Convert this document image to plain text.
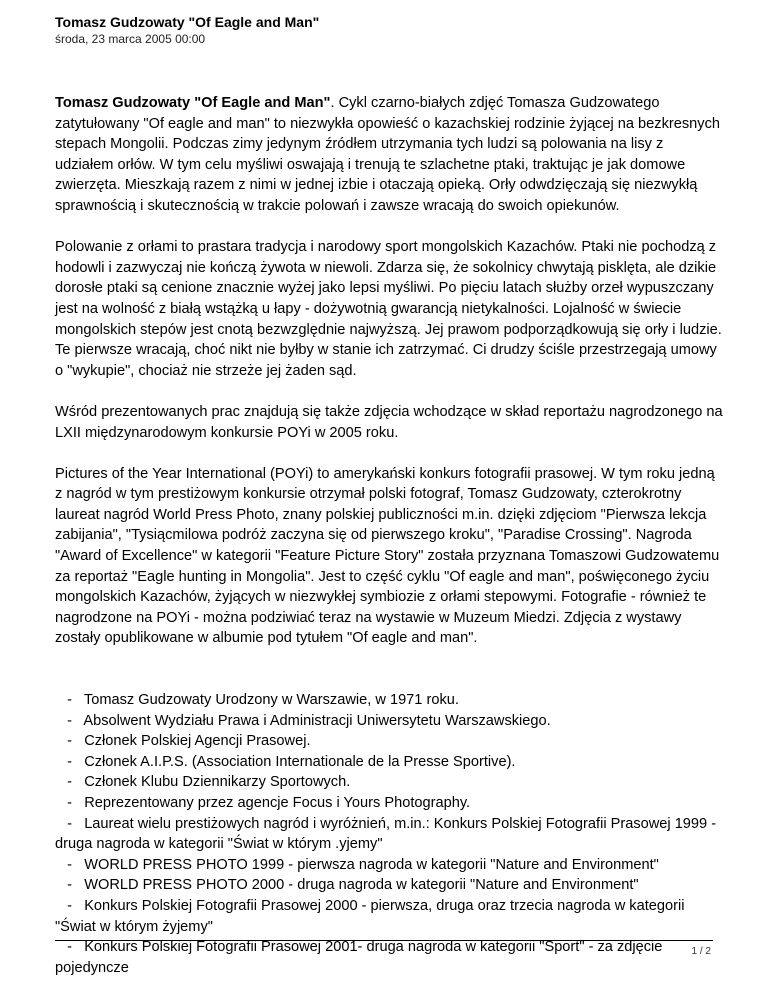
Tomasz Gudzowaty "Of Eagle and Man"
środa, 23 marca 2005 00:00

Tomasz Gudzowaty "Of Eagle and Man". Cykl czarno-białych zdjęć Tomasza Gudzowatego zatytułowany "Of eagle and man" to niezwykła opowieść o kazachskiej rodzinie żyjącej na bezkresnych stepach Mongolii. Podczas zimy jedynym źródłem utrzymania tych ludzi są polowania na lisy z udziałem orłów. W tym celu myśliwi oswajają i trenują te szlachetne ptaki, traktując je jak domowe zwierzęta. Mieszkają razem z nimi w jednej izbie i otaczają opieką. Orły odwdzięczają się niezwykłą sprawnością i skutecznością w trakcie polowań i zawsze wracają do swoich opiekunów.

Polowanie z orłami to prastara tradycja i narodowy sport mongolskich Kazachów. Ptaki nie pochodzą z hodowli i zazwyczaj nie kończą żywota w niewoli. Zdarza się, że sokolnicy chwytają pisklęta, ale dzikie dorosłe ptaki są cenione znacznie wyżej jako lepsi myśliwi. Po pięciu latach służby orzeł wypuszczany jest na wolność z białą wstążką u łapy - dożywotnią gwarancją nietykalności. Lojalność w świecie mongolskich stepów jest cnotą bezwzględnie najwyższą. Jej prawom podporządkowują się orły i ludzie. Te pierwsze wracają, choć nikt nie byłby w stanie ich zatrzymać. Ci drudzy ściśle przestrzegają umowy o "wykupie", chociaż nie strzeże jej żaden sąd.

Wśród prezentowanych prac znajdują się także zdjęcia wchodzące w skład reportażu nagrodzonego na LXII międzynarodowym konkursie POYi w 2005 roku.

Pictures of the Year International (POYi) to amerykański konkurs fotografii prasowej. W tym roku jedną z nagród w tym prestiżowym konkursie otrzymał polski fotograf, Tomasz Gudzowaty, czterokrotny laureat nagród World Press Photo, znany polskiej publiczności m.in. dzięki zdjęciom "Pierwsza lekcja zabijania", "Tysiącmilowa podróż zaczyna się od pierwszego kroku", "Paradise Crossing". Nagroda "Award of Excellence" w kategorii "Feature Picture Story" została przyznana Tomaszowi Gudzowatemu za reportaż "Eagle hunting in Mongolia". Jest to część cyklu "Of eagle and man", poświęconego życiu mongolskich Kazachów, żyjących w niezwykłej symbiozie z orłami stepowymi. Fotografie - również te nagrodzone na POYi - można podziwiać teraz na wystawie w Muzeum Miedzi. Zdjęcia z wystawy zostały opublikowane w albumie pod tytułem "Of eagle and man".

-   Tomasz Gudzowaty Urodzony w Warszawie, w 1971 roku.
-   Absolwent Wydziału Prawa i Administracji Uniwersytetu Warszawskiego.
-   Członek Polskiej Agencji Prasowej.
-   Członek A.I.P.S. (Association Internationale de la Presse Sportive).
-   Członek Klubu Dziennikarzy Sportowych.
-   Reprezentowany przez agencje Focus i Yours Photography.
-   Laureat wielu prestiżowych nagród i wyróżnień, m.in.: Konkurs Polskiej Fotografii Prasowej 1999 - druga nagroda w kategorii "Świat w którym .yjemy"
-   WORLD PRESS PHOTO 1999 - pierwsza nagroda w kategorii "Nature and Environment"
-   WORLD PRESS PHOTO 2000 - druga nagroda w kategorii "Nature and Environment"
-   Konkurs Polskiej Fotografii Prasowej 2000 - pierwsza, druga oraz trzecia nagroda w kategorii "Świat w którym żyjemy"
-   Konkurs Polskiej Fotografii Prasowej 2001- druga nagroda w kategorii "Sport" - za zdjęcie pojedyncze
1 / 2
